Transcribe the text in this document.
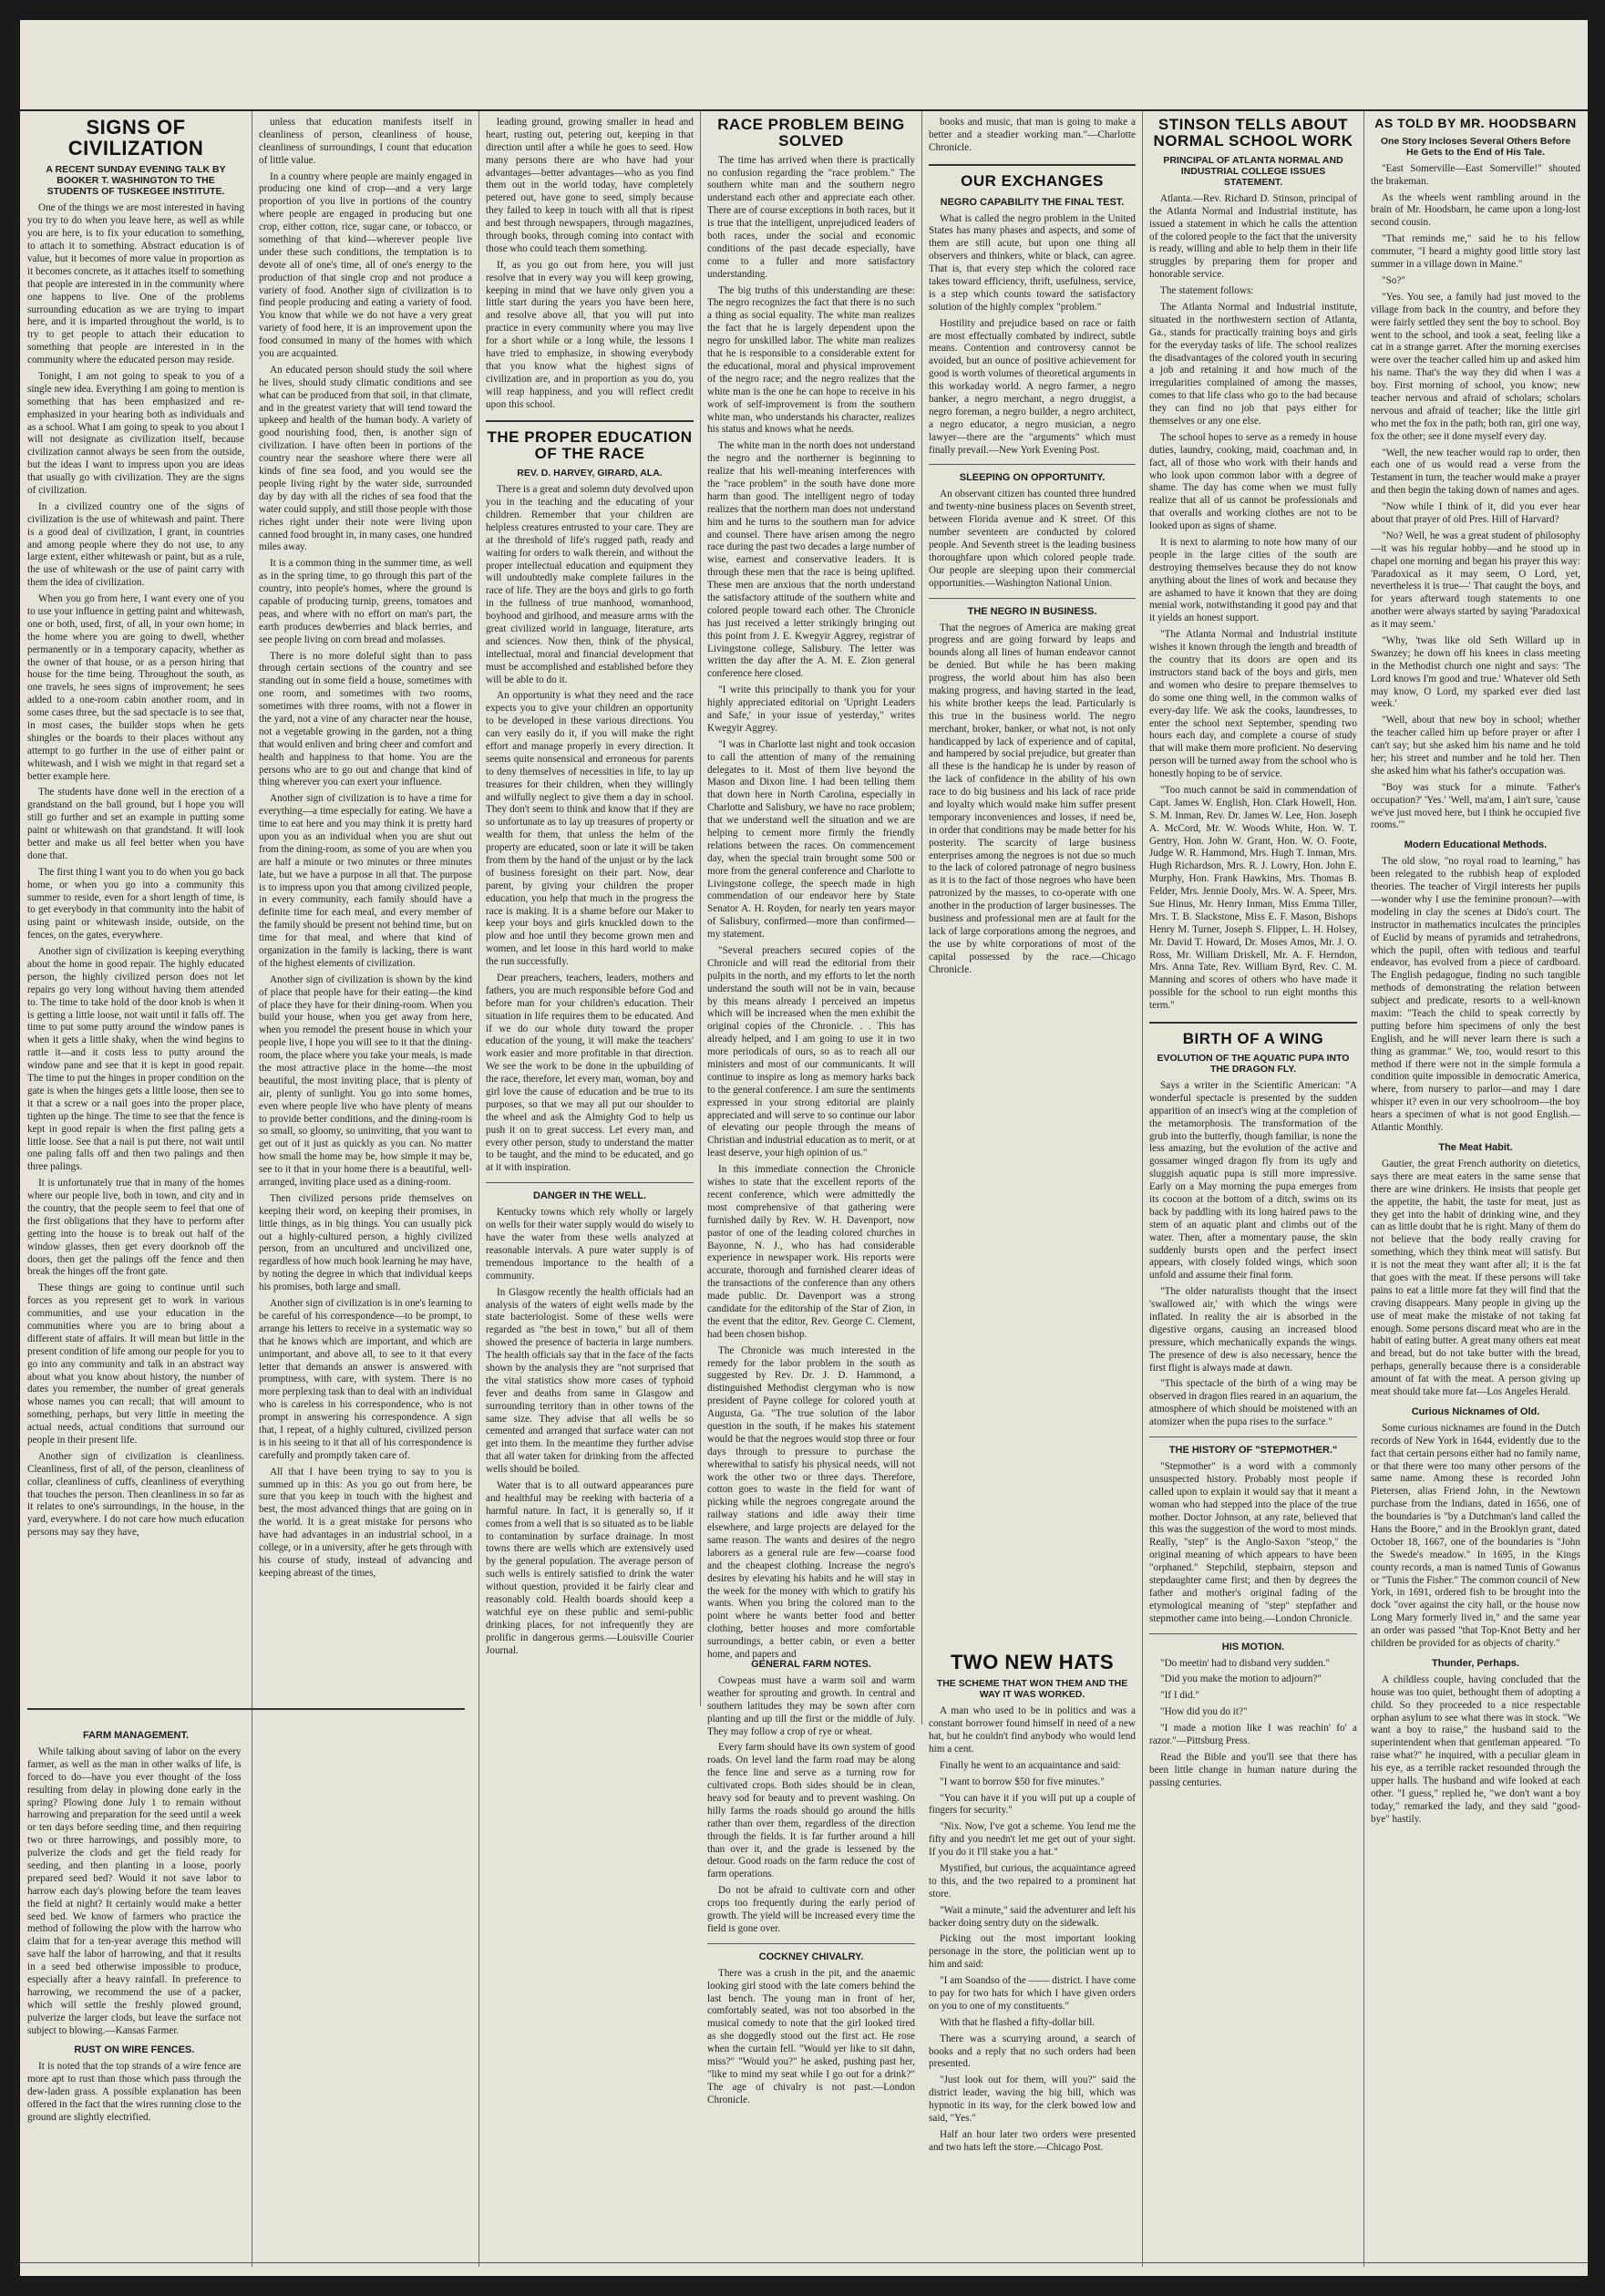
SIGNS OF CIVILIZATION
A RECENT SUNDAY EVENING TALK BY BOOKER T. WASHINGTON TO THE STUDENTS OF TUSKEGEE INSTITUTE.

One of the things we are most interested in having you try to do when you leave here, as well as while you are here, is to fix your education to something, to attach it to something. Abstract education is of value, but it becomes of more value in proportion as it becomes concrete, as it attaches itself to something that people are interested in in the community where one happens to live. One of the problems surrounding education as we are trying to impart here, and it is imparted throughout the world, is to try to get people to attach their education to something that people are interested in in the community where the educated person may reside.

Tonight, I am not going to speak to you of a single new idea. Everything I am going to mention is something that has been emphasized and re-emphasized in your hearing both as individuals and as a school. What I am going to speak to you about I will not designate as civilization itself, because civilization cannot always be seen from the outside, but the ideas I want to impress upon you are ideas that usually go with civilization. They are the signs of civilization.

In a civilized country one of the signs of civilization is the use of whitewash and paint. There is a good deal of civilization, I grant, in countries and among people where they do not use, to any large extent, either whitewash or paint, but as a rule, the use of whitewash or the use of paint carry with them the idea of civilization.

When you go from here, I want every one of you to use your influence in getting paint and whitewash, one or both, used, first, of all, in your own home; in the home where you are going to dwell, whether permanently or in a temporary capacity, whether as the owner of that house, or as a person hiring that house for the time being. Throughout the south, as one travels, he sees signs of improvement; he sees added to a one-room cabin another room, and in some cases three, but the sad spectacle is to see that, in most cases, the builder stops when he gets shingles or the boards to their places without any attempt to go further in the use of either paint or whitewash, and I wish we might in that regard set a better example here.

The students have done well in the erection of a grandstand on the ball ground, but I hope you will still go further and set an example in putting some paint or whitewash on that grandstand. It will look better and make us all feel better when you have done that.

The first thing I want you to do when you go back home, or when you go into a community this summer to reside, even for a short length of time, is to get everybody in that community into the habit of using paint or whitewash inside, outside, on the fences, on the gates, everywhere.

Another sign of civilization is keeping everything about the home in good repair. The highly educated person, the highly civilized person does not let repairs go very long without having them attended to. The time to take hold of the door knob is when it is getting a little loose, not wait until it falls off. The time to put some putty around the window panes is when it gets a little shaky, when the wind begins to rattle it—and it costs less to putty around the window pane and see that it is kept in good repair. The time to put the hinges in proper condition on the gate is when the hinges gets a little loose, then see to it that a screw or a nail goes into the proper place, tighten up the hinge. The time to see that the fence is kept in good repair is when the first paling gets a little loose. See that a nail is put there, not wait until one paling falls off and then two palings and then three palings.

It is unfortunately true that in many of the homes where our people live, both in town, and city and in the country, that the people seem to feel that one of the first obligations that they have to perform after getting into the house is to break out half of the window glasses, then get every doorknob off the doors, then get the palings off the fence and then break the hinges off the front gate.

These things are going to continue until such forces as you represent get to work in various communities, and use your education in the communities where you are to bring about a different state of affairs. It will mean but little in the present condition of life among our people for you to go into any community and talk in an abstract way about what you know about history, the number of dates you remember, the number of great generals whose names you can recall; that will amount to something, perhaps, but very little in meeting the actual needs, actual conditions that surround our people in their present life.

Another sign of civilization is cleanliness. Cleanliness, first of all, of the person, cleanliness of collar, cleanliness of cuffs, cleanliness of everything that touches the person. Then cleanliness in so far as it relates to one's surroundings, in the house, in the yard, everywhere. I do not care how much education persons may say they have,

unless that education manifests itself in cleanliness of person, cleanliness of house, cleanliness of surroundings, I count that education of little value.

In a country where people are mainly engaged in producing one kind of crop—and a very large proportion of you live in portions of the country where people are engaged in producing but one crop, either cotton, rice, sugar cane, or tobacco, or something of that kind—wherever people live under these such conditions, the temptation is to devote all of one's time, all of one's energy to the production of that single crop and not produce a variety of food. Another sign of civilization is to find people producing and eating a variety of food. You know that while we do not have a very great variety of food here, it is an improvement upon the food consumed in many of the homes with which you are acquainted.

An educated person should study the soil where he lives, should study climatic conditions and see what can be produced from that soil, in that climate, and in the greatest variety that will tend toward the upkeep and health of the human body. A variety of good nourishing food, then, is another sign of civilization. I have often been in portions of the country near the seashore where there were all kinds of fine sea food, and you would see the people living right by the water side, surrounded day by day with all the riches of sea food that the water could supply, and still those people with those riches right under their note were living upon canned food brought in, in many cases, one hundred miles away.

It is a common thing in the summer time, as well as in the spring time, to go through this part of the country, into people's homes, where the ground is capable of producing turnip, greens, tomatoes and peas, and where with no effort on man's part, the earth produces dewberries and black berries, and see people living on corn bread and molasses.

There is no more doleful sight than to pass through certain sections of the country and see standing out in some field a house, sometimes with one room, and sometimes with two rooms, sometimes with three rooms, with not a flower in the yard, not a vine of any character near the house, not a vegetable growing in the garden, not a thing that would enliven and bring cheer and comfort and health and happiness to that home. You are the persons who are to go out and change that kind of thing wherever you can exert your influence.

Another sign of civilization is to have a time for everything—a time especially for eating. We have a time to eat here and you may think it is pretty hard upon you as an individual when you are shut out from the dining-room, as some of you are when you are half a minute or two minutes or three minutes late, but we have a purpose in all that. The purpose is to impress upon you that among civilized people, in every community, each family should have a definite time for each meal, and every member of the family should be present not behind time, but on time for that meal, and where that kind of organization in the family is lacking, there is want of the highest elements of civilization.

Another sign of civilization is shown by the kind of place that people have for their eating—the kind of place they have for their dining-room. When you build your house, when you get away from here, when you remodel the present house in which your people live, I hope you will see to it that the dining-room, the place where you take your meals, is made the most attractive place in the home—the most beautiful, the most inviting place, that is plenty of air, plenty of sunlight. You go into some homes, even where people live who have plenty of means to provide better conditions, and the dining-room is so small, so gloomy, so uninviting, that you want to get out of it just as quickly as you can. No matter how small the home may be, how simple it may be, see to it that in your home there is a beautiful, well-arranged, inviting place used as a dining-room.

Then civilized persons pride themselves on keeping their word, on keeping their promises, in little things, as in big things. You can usually pick out a highly-cultured person, a highly civilized person, from an uncultured and uncivilized one, regardless of how much book learning he may have, by noting the degree in which that individual keeps his promises, both large and small.

Another sign of civilization is in one's learning to be careful of his correspondence—to be prompt, to arrange his letters to receive in a systematic way so that he knows which are important, and which are unimportant, and above all, to see to it that every letter that demands an answer is answered with promptness, with care, with system. There is no more perplexing task than to deal with an individual who is careless in his correspondence, who is not prompt in answering his correspondence. A sign that, I repeat, of a highly cultured, civilized person is in his seeing to it that all of his correspondence is carefully and promptly taken care of.

All that I have been trying to say to you is summed up in this: As you go out from here, be sure that you keep in touch with the highest and best, the most advanced things that are going on in the world. It is a great mistake for persons who have had advantages in an industrial school, in a college, or in a university, after he gets through with his course of study, instead of advancing and keeping abreast of the times,

leading ground, growing smaller in head and heart, rusting out, petering out, keeping in that direction until after a while he goes to seed. How many persons there are who have had your advantages—better advantages—who as you find them out in the world today, have completely petered out, have gone to seed, simply because they failed to keep in touch with all that is ripest and best through newspapers, through magazines, through books, through coming into contact with those who could teach them something.

If, as you go out from here, you will just resolve that in every way you will keep growing, keeping in mind that we have only given you a little start during the years you have been here, and resolve above all, that you will put into practice in every community where you may live for a short while or a long while, the lessons I have tried to emphasize, in showing everybody that you know what the highest signs of civilization are, and in proportion as you do, you will reap happiness, and you will reflect credit upon this school.

THE PROPER EDUCATION OF THE RACE
REV. D. HARVEY, GIRARD, ALA.

There is a great and solemn duty devolved upon you in the teaching and the educating of your children. Remember that your children are helpless creatures entrusted to your care. They are at the threshold of life's rugged path, ready and waiting for orders to walk therein, and without the proper intellectual education and equipment they will undoubtedly make complete failures in the race of life. They are the boys and girls to go forth in the fullness of true manhood, womanhood, boyhood and girlhood, and measure arms with the great civilized world in language, literature, arts and sciences. Now then, think of the physical, intellectual, moral and financial development that must be accomplished and established before they will be able to do it.

An opportunity is what they need and the race expects you to give your children an opportunity to be developed in these various directions. You can very easily do it, if you will make the right effort and manage properly in every direction. It seems quite nonsensical and erroneous for parents to deny themselves of necessities in life, to lay up treasures for their children, when they willingly and wilfully neglect to give them a day in school. They don't seem to think and know that if they are so unfortunate as to lay up treasures of property or wealth for them, that unless the helm of the property are educated, soon or late it will be taken from them by the hand of the unjust or by the lack of business foresight on their part. Now, dear parent, by giving your children the proper education, you help that much in the progress the race is making. It is a shame before our Maker to keep your boys and girls knuckled down to the plow and hoe until they become grown men and women, and let loose in this hard world to make the run successfully.

Dear preachers, teachers, leaders, mothers and fathers, you are much responsible before God and before man for your children's education. Their situation in life requires them to be educated. And if we do our whole duty toward the proper education of the young, it will make the teachers' work easier and more profitable in that direction. We see the work to be done in the upbuilding of the race, therefore, let every man, woman, boy and girl love the cause of education and be true to its purposes, so that we may all put our shoulder to the wheel and ask the Almighty God to help us push it on to great success. Let every man, and every other person, study to understand the matter to be taught, and the mind to be educated, and go at it with inspiration.

DANGER IN THE WELL.

Kentucky towns which rely wholly or largely on wells for their water supply would do wisely to have the water from these wells analyzed at reasonable intervals. A pure water supply is of tremendous importance to the health of a community.

In Glasgow recently the health officials had an analysis of the waters of eight wells made by the state bacteriologist. Some of these wells were regarded as "the best in town," but all of them showed the presence of bacteria in large numbers. The health officials say that in the face of the facts shown by the analysis they are "not surprised that the vital statistics show more cases of typhoid fever and deaths from same in Glasgow and surrounding territory than in other towns of the same size. They advise that all wells be so cemented and arranged that surface water can not get into them. In the meantime they further advise that all water taken for drinking from the affected wells should be boiled.

Water that is to all outward appearances pure and healthful may be reeking with bacteria of a harmful nature. In fact, it is generally so, if it comes from a well that is so situated as to be liable to contamination by surface drainage. In most towns there are wells which are extensively used by the general population. The average person of such wells is entirely satisfied to drink the water without question, provided it be fairly clear and reasonably cold. Health boards should keep a watchful eye on these public and semi-public drinking places, for not infrequently they are prolific in dangerous germs.—Louisville Courier Journal.

RACE PROBLEM BEING SOLVED

The time has arrived when there is practically no confusion regarding the "race problem." The southern white man and the southern negro understand each other and appreciate each other. There are of course exceptions in both races, but it is true that the intelligent, unprejudiced leaders of both races, under the social and economic conditions of the past decade especially, have come to a fuller and more satisfactory understanding.

The big truths of this understanding are these: The negro recognizes the fact that there is no such a thing as social equality. The white man realizes the fact that he is largely dependent upon the negro for unskilled labor. The white man realizes that he is responsible to a considerable extent for the educational, moral and physical improvement of the negro race; and the negro realizes that the white man is the one he can hope to receive in his work of self-improvement is from the southern white man, who understands his character, realizes his status and knows what he needs.

The white man in the north does not understand the negro and the northerner is beginning to realize that his well-meaning interferences with the "race problem" in the south have done more harm than good. The intelligent negro of today realizes that the northern man does not understand him and he turns to the southern man for advice and counsel. There have arisen among the negro race during the past two decades a large number of wise, earnest and conservative leaders. It is through these men that the race is being uplifted. These men are anxious that the north understand the satisfactory attitude of the southern white and colored people toward each other. The Chronicle has just received a letter strikingly bringing out this point from J. E. Kwegyir Aggrey, registrar of Livingstone college, Salisbury. The letter was written the day after the A. M. E. Zion general conference here closed.

"I write this principally to thank you for your highly appreciated editorial on 'Upright Leaders and Safe,' in your issue of yesterday," writes Kwegyir Aggrey.

"I was in Charlotte last night and took occasion to call the attention of many of the remaining delegates to it. Most of them live beyond the Mason and Dixon line. I had been telling them that down here in North Carolina, especially in Charlotte and Salisbury, we have no race problem; that we understand well the situation and we are helping to cement more firmly the friendly relations between the races. On commencement day, when the special train brought some 500 or more from the general conference and Charlotte to Livingstone college, the speech made in high commendation of our endeavor here by State Senator A. H. Royden, for nearly ten years mayor of Salisbury, confirmed—more than confirmed—my statement.

"Several preachers secured copies of the Chronicle and will read the editorial from their pulpits in the north, and my efforts to let the north understand the south will not be in vain, because by this means already I perceived an impetus which will be increased when the men exhibit the original copies of the Chronicle. . . This has already helped, and I am going to use it in two more periodicals of ours, so as to reach all our ministers and most of our communicants. It will continue to inspire as long as memory harks back to the general conference. I am sure the sentiments expressed in your strong editorial are plainly appreciated and will serve to so continue our labor of elevating our people through the means of Christian and industrial education as to merit, or at least deserve, your high opinion of us."

In this immediate connection the Chronicle wishes to state that the excellent reports of the recent conference, which were admittedly the most comprehensive of that gathering were furnished daily by Rev. W. H. Davenport, now pastor of one of the leading colored churches in Bayonne, N. J., who has had considerable experience in newspaper work. His reports were accurate, thorough and furnished clearer ideas of the transactions of the conference than any others made public. Dr. Davenport was a strong candidate for the editorship of the Star of Zion, in the event that the editor, Rev. George C. Clement, had been chosen bishop.

The Chronicle was much interested in the remedy for the labor problem in the south as suggested by Rev. Dr. J. D. Hammond, a distinguished Methodist clergyman who is now president of Payne college for colored youth at Augusta, Ga. "The true solution of the labor question in the south, if he makes his statement would be that the negroes would stop three or four days through to pressure to purchase the wherewithal to satisfy his physical needs, will not work the other two or three days. Therefore, cotton goes to waste in the field for want of picking while the negroes congregate around the railway stations and idle away their time elsewhere, and large projects are delayed for the same reason. The wants and desires of the negro laborers as a general rule are few—coarse food and the cheapest clothing. Increase the negro's desires by elevating his habits and he will stay in the week for the money with which to gratify his wants. When you bring the colored man to the point where he wants better food and better clothing, better houses and more comfortable surroundings, a better cabin, or even a better home, and papers and

books and music, that man is going to make a better and a steadier working man."—Charlotte Chronicle.

OUR EXCHANGES
NEGRO CAPABILITY THE FINAL TEST.

What is called the negro problem in the United States has many phases and aspects, and some of them are still acute, but upon one thing all observers and thinkers, white or black, can agree. That is, that every step which the colored race takes toward efficiency, thrift, usefulness, service, is a step which counts toward the satisfactory solution of the highly complex "problem."

Hostility and prejudice based on race or faith are most effectually combated by indirect, subtle means. Contention and controversy cannot be avoided, but an ounce of positive achievement for good is worth volumes of theoretical arguments in this workaday world. A negro farmer, a negro banker, a negro merchant, a negro druggist, a negro foreman, a negro builder, a negro architect, a negro educator, a negro musician, a negro lawyer—there are the "arguments" which must finally prevail.—New York Evening Post.

SLEEPING ON OPPORTUNITY.

An observant citizen has counted three hundred and twenty-nine business places on Seventh street, between Florida avenue and K street. Of this number seventeen are conducted by colored people. And Seventh street is the leading business thoroughfare upon which colored people trade. Our people are sleeping upon their commercial opportunities.—Washington National Union.

THE NEGRO IN BUSINESS.

That the negroes of America are making great progress and are going forward by leaps and bounds along all lines of human endeavor cannot be denied. But while he has been making progress, the world about him has also been making progress, and having started in the lead, his white brother keeps the lead. Particularly is this true in the business world. The negro merchant, broker, banker, or what not, is not only handicapped by lack of experience and of capital, and hampered by social prejudice, but greater than all these is the handicap he is under by reason of the lack of confidence in the ability of his own race to do big business and his lack of race pride and loyalty which would make him suffer present temporary inconveniences and losses, if need be, in order that conditions may be made better for his posterity. The scarcity of large business enterprises among the negroes is not due so much to the lack of colored patronage of negro business as it is to the fact of those negroes who have been patronized by the masses, to co-operate with one another in the production of larger businesses. The business and professional men are at fault for the lack of large corporations among the negroes, and the use by white corporations of most of the capital possessed by the race.—Chicago Chronicle.

STINSON TELLS ABOUT NORMAL SCHOOL WORK
PRINCIPAL OF ATLANTA NORMAL AND INDUSTRIAL COLLEGE ISSUES STATEMENT.

Atlanta.—Rev. Richard D. Stinson, principal of the Atlanta Normal and Industrial institute, has issued a statement in which he calls the attention of the colored people to the fact that the university is ready, willing and able to help them in their life struggles by preparing them for proper and honorable service.

The statement follows:

The Atlanta Normal and Industrial institute, situated in the northwestern section of Atlanta, Ga., stands for practically training boys and girls for the everyday tasks of life. The school realizes the disadvantages of the colored youth in securing a job and retaining it and how much of the irregularities complained of among the masses, comes to that life class who go to the bad because they can find no job that pays either for themselves or any one else.

The school hopes to serve as a remedy in house duties, laundry, cooking, maid, coachman and, in fact, all of those who work with their hands and who look upon common labor with a degree of shame. The day has come when we must fully realize that all of us cannot be professionals and that overalls and working clothes are not to be looked upon as signs of shame.

It is next to alarming to note how many of our people in the large cities of the south are destroying themselves because they do not know anything about the lines of work and because they are ashamed to have it known that they are doing menial work, notwithstanding it good pay and that it yields an honest support.

"The Atlanta Normal and Industrial institute wishes it known through the length and breadth of the country that its doors are open and its instructors stand back of the boys and girls, men and women who desire to prepare themselves to do some one thing well, in the common walks of every-day life. We ask the cooks, laundresses, to enter the school next September, spending two hours each day, and complete a course of study that will make them more proficient. No deserving person will be turned away from the school who is honestly hoping to be of service.

"Too much cannot be said in commendation of Capt. James W. English, Hon. Clark Howell, Hon. S. M. Inman, Rev. Dr. James W. Lee, Hon. Joseph A. McCord, Mr. W. Woods White, Hon. W. T. Gentry, Hon. John W. Grant, Hon. W. O. Foote, Judge W. R. Hammond, Mrs. Hugh T. Inman, Mrs. Hugh Richardson, Mrs. R. J. Lowry, Hon. John E. Murphy, Hon. Frank Hawkins, Mrs. Thomas B. Felder, Mrs. Jennie Dooly, Mrs. W. A. Speer, Mrs. Sue Hinus, Mr. Henry Inman, Miss Emma Tiller, Mrs. T. B. Slackstone, Miss E. F. Mason, Bishops Henry M. Turner, Joseph S. Flipper, L. H. Holsey, Mr. David T. Howard, Dr. Moses Amos, Mr. J. O. Ross, Mr. William Driskell, Mr. A. F. Herndon, Mrs. Anna Tate, Rev. William Byrd, Rev. C. M. Manning and scores of others who have made it possible for the school to run eight months this term."

BIRTH OF A WING
EVOLUTION OF THE AQUATIC PUPA INTO THE DRAGON FLY.

Says a writer in the Scientific American: "A wonderful spectacle is presented by the sudden apparition of an insect's wing at the completion of the metamorphosis. The transformation of the grub into the butterfly, though familiar, is none the less amazing, but the evolution of the active and gossamer winged dragon fly from its ugly and sluggish aquatic pupa is still more impressive. Early on a May morning the pupa emerges from its cocoon at the bottom of a ditch, swims on its back by paddling with its long haired paws to the stem of an aquatic plant and climbs out of the water. Then, after a momentary pause, the skin suddenly bursts open and the perfect insect appears, with closely folded wings, which soon unfold and assume their final form.

"The older naturalists thought that the insect 'swallowed air,' with which the wings were inflated. In reality the air is absorbed in the digestive organs, causing an increased blood pressure, which mechanically expands the wings. The presence of dew is also necessary, hence the first flight is always made at dawn.

"This spectacle of the birth of a wing may be observed in dragon flies reared in an aquarium, the atmosphere of which should be moistened with an atomizer when the pupa rises to the surface."

THE HISTORY OF "STEPMOTHER."

"Stepmother" is a word with a commonly unsuspected history. Probably most people if called upon to explain it would say that it meant a woman who had stepped into the place of the true mother. Doctor Johnson, at any rate, believed that this was the suggestion of the word to most minds. Really, "step" is the Anglo-Saxon "steop," the original meaning of which appears to have been "orphaned." Stepchild, stepbairn, stepson and stepdaughter came first; and then by degrees the father and mother's original fading of the etymological meaning of "step" stepfather and stepmother came into being.—London Chronicle.

HIS MOTION.

"Do meetin' had to disband very sudden."

"Did you make the motion to adjourn?"

"If I did."

"How did you do it?"

"I made a motion like I was reachin' fo' a razor."—Pittsburg Press.

Read the Bible and you'll see that there has been little change in human nature during the passing centuries.

AS TOLD BY MR. HOODSBARN
One Story Incloses Several Others Before He Gets to the End of His Tale.

"East Somerville—East Somerville!" shouted the brakeman.

As the wheels went rambling around in the brain of Mr. Hoodsbarn, he came upon a long-lost second cousin.

"That reminds me," said he to his fellow commuter, "I heard a mighty good little story last summer in a village down in Maine."

"So?"

"Yes. You see, a family had just moved to the village from back in the country, and before they were fairly settled they sent the boy to school. Boy went to the school, and took a seat, feeling like a cat in a strange garret. After the morning exercises were over the teacher called him up and asked him his name. That's the way they did when I was a boy. First morning of school, you know; new teacher nervous and afraid of scholars; scholars nervous and afraid of teacher; like the little girl who met the fox in the path; both ran, girl one way, fox the other; see it done myself every day.

"Well, the new teacher would rap to order, then each one of us would read a verse from the Testament in turn, the teacher would make a prayer and then begin the taking down of names and ages.

"Now while I think of it, did you ever hear about that prayer of old Pres. Hill of Harvard?

"No? Well, he was a great student of philosophy—it was his regular hobby—and he stood up in chapel one morning and began his prayer this way: 'Paradoxical as it may seem, O Lord, yet, nevertheless it is true—' That caught the boys, and for years afterward tough statements to one another were always started by saying 'Paradoxical as it may seem.'

"Why, 'twas like old Seth Willard up in Swanzey; he down off his knees in class meeting in the Methodist church one night and says: 'The Lord knows I'm good and true.' Whatever old Seth may know, O Lord, my sparked ever died last week.'

"Well, about that new boy in school; whether the teacher called him up before prayer or after I can't say; but she asked him his name and he told her; his street and number and he told her. Then she asked him what his father's occupation was.

"Boy was stuck for a minute. 'Father's occupation?' 'Yes.' 'Well, ma'am, I ain't sure, 'cause we've just moved here, but I think he occupied five rooms.'"

Modern Educational Methods.

The old slow, "no royal road to learning," has been relegated to the rubbish heap of exploded theories. The teacher of Virgil interests her pupils—wonder why I use the feminine pronoun?—with modeling in clay the scenes at Dido's court. The instructor in mathematics inculcates the principles of Euclid by means of pyramids and tetrahedrons, which the pupil, often with tedious and tearful endeavor, has evolved from a piece of cardboard. The English pedagogue, finding no such tangible methods of demonstrating the relation between subject and predicate, resorts to a well-known maxim: "Teach the child to speak correctly by putting before him specimens of only the best English, and he will never learn there is such a thing as grammar." We, too, would resort to this method if there were not in the simple formula a condition quite impossible in democratic America, where, from nursery to parlor—and may I dare whisper it? even in our very schoolroom—the boy hears a specimen of what is not good English.—Atlantic Monthly.

The Meat Habit.

Gautier, the great French authority on dietetics, says there are meat eaters in the same sense that there are wine drinkers. He insists that people get the appetite, the habit, the taste for meat, just as they get into the habit of drinking wine, and they can as little doubt that he is right. Many of them do not believe that the body really craving for something, which they think meat will satisfy. But it is not the meat they want after all; it is the fat that goes with the meat. If these persons will take pains to eat a little more fat they will find that the craving disappears. Many people in giving up the use of meat make the mistake of not taking fat enough. Some persons discard meat who are in the habit of eating butter. A great many others eat meat and bread, but do not take butter with the bread, perhaps, generally because there is a considerable amount of fat with the meat. A person giving up meat should take more fat—Los Angeles Herald.

Curious Nicknames of Old.

Some curious nicknames are found in the Dutch records of New York in 1644, evidently due to the fact that certain persons either had no family name, or that there were too many other persons of the same name. Among these is recorded John Pietersen, alias Friend John, in the Newtown purchase from the Indians, dated in 1656, one of the boundaries is "by a Dutchman's land called the Hans the Boore," and in the Brooklyn grant, dated October 18, 1667, one of the boundaries is "John the Swede's meadow." In 1695, in the Kings county records, a man is named Tunis of Gowanus or "Tunis the Fisher." The common council of New York, in 1691, ordered fish to be brought into the dock "over against the city hall, or the house now Long Mary formerly lived in," and the same year an order was passed "that Top-Knot Betty and her children be provided for as objects of charity."

Thunder, Perhaps.

A childless couple, having concluded that the house was too quiet, bethought them of adopting a child. So they proceeded to a nice respectable orphan asylum to see what there was in stock. "We want a boy to raise," the husband said to the superintendent when that gentleman appeared. "To raise what?" he inquired, with a peculiar gleam in his eye, as a terrible racket resounded through the upper halls. The husband and wife looked at each other. "I guess," replied he, "we don't want a boy today," remarked the lady, and they said "good-bye" hastily.

FARM MANAGEMENT.

While talking about saving of labor on the every farmer, as well as the man in other walks of life, is forced to do—have you ever thought of the loss resulting from delay in plowing done early in the spring? Plowing done July 1 to remain without harrowing and preparation for the seed until a week or ten days before seeding time, and then requiring two or three harrowings, and possibly more, to pulverize the clods and get the field ready for seeding, and then planting in a loose, poorly prepared seed bed? Would it not save labor to harrow each day's plowing before the team leaves the field at night? It certainly would make a better seed bed. We know of farmers who practice the method of following the plow with the harrow who claim that for a ten-year average this method will save half the labor of harrowing, and that it results in a seed bed otherwise impossible to produce, especially after a heavy rainfall. In preference to harrowing, we recommend the use of a packer, which will settle the freshly plowed ground, pulverize the larger clods, but leave the surface not subject to blowing.—Kansas Farmer.

RUST ON WIRE FENCES.

It is noted that the top strands of a wire fence are more apt to rust than those which pass through the dew-laden grass. A possible explanation has been offered in the fact that the wires running close to the ground are slightly electrified.

TWO NEW HATS
THE SCHEME THAT WON THEM AND THE WAY IT WAS WORKED.

A man who used to be in politics and was a constant borrower found himself in need of a new hat, but he couldn't find anybody who would lend him a cent.

Finally he went to an acquaintance and said:

"I want to borrow $50 for five minutes."

"You can have it if you will put up a couple of fingers for security."

"Nix. Now, I've got a scheme. You lend me the fifty and you needn't let me get out of your sight. If you do it I'll stake you a hat."

Mystified, but curious, the acquaintance agreed to this, and the two repaired to a prominent hat store.

"Wait a minute," said the adventurer and left his backer doing sentry duty on the sidewalk.

Picking out the most important looking personage in the store, the politician went up to him and said:

"I am Soandso of the —— district. I have come to pay for two hats for which I have given orders on you to one of my constituents."

With that he flashed a fifty-dollar bill.

There was a scurrying around, a search of books and a reply that no such orders had been presented.

"Just look out for them, will you?" said the district leader, waving the big bill, which was hypnotic in its way, for the clerk bowed low and said, "Yes."

Half an hour later two orders were presented and two hats left the store.—Chicago Post.

GENERAL FARM NOTES.

Cowpeas must have a warm soil and warm weather for sprouting and growth. In central and southern latitudes they may be sown after corn planting and up till the first or the middle of July. They may follow a crop of rye or wheat.

Every farm should have its own system of good roads. On level land the farm road may be along the fence line and serve as a turning row for cultivated crops. Both sides should be in clean, heavy sod for beauty and to prevent washing. On hilly farms the roads should go around the hills rather than over them, regardless of the direction through the fields. It is far further around a hill than over it, and the grade is lessened by the detour. Good roads on the farm reduce the cost of farm operations.

Do not be afraid to cultivate corn and other crops too frequently during the early period of growth. The yield will be increased every time the field is gone over.

COCKNEY CHIVALRY.

There was a crush in the pit, and the anaemic looking girl stood with the late comers behind the last bench. The young man in front of her, comfortably seated, was not too absorbed in the musical comedy to note that the girl looked tired as she doggedly stood out the first act. He rose when the curtain fell. "Would yer like to sit dahn, miss?" "Would you?" he asked, pushing past her, "like to mind my seat while I go out for a drink?" The age of chivalry is not past.—London Chronicle.
